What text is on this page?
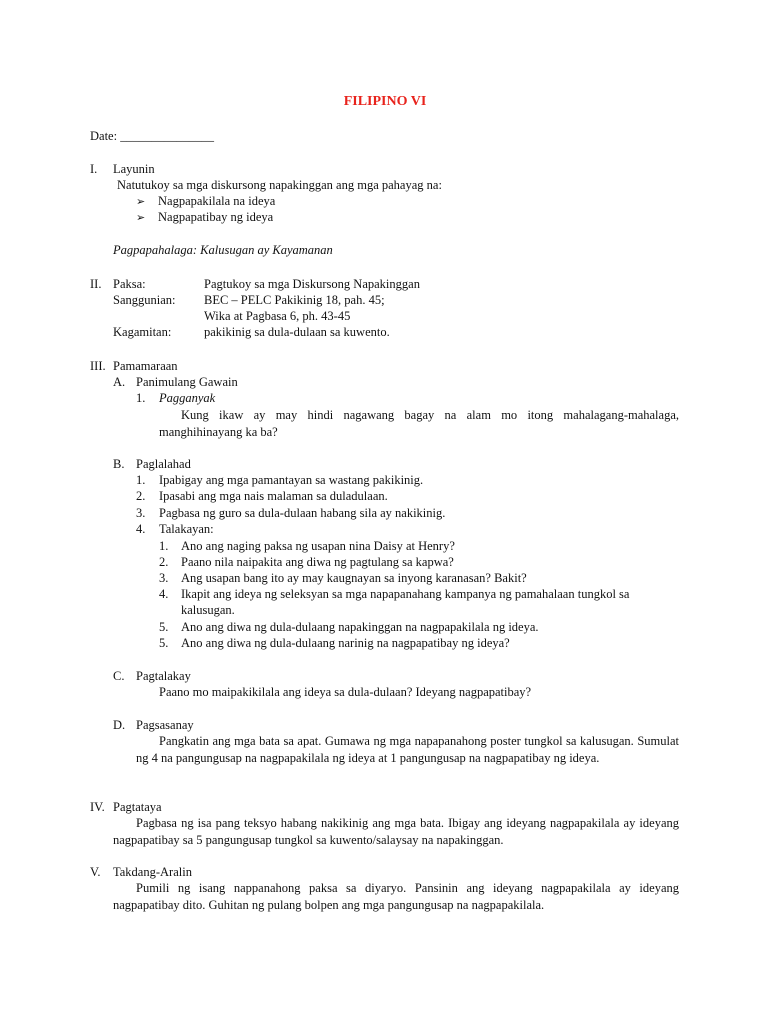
FILIPINO VI
Date: _______________
I. Layunin
Natutukoy sa mga diskursong napakinggan ang mga pahayag na:
➢ Nagpapakilala na ideya
➢ Nagpapatibay ng ideya
Pagpapahalaga: Kalusugan ay Kayamanan
II. Paksa:	Pagtukoy sa mga Diskursong Napakinggan
Sanggunian: BEC – PELC Pakikinig 18, pah. 45;
Wika at Pagbasa 6, ph. 43-45
Kagamitan:	pakikinig sa dula-dulaan sa kuwento.
III. Pamamaraan
A. Panimulang Gawain
1. Pagganyak
Kung ikaw ay may hindi nagawang bagay na alam mo itong mahalagang-mahalaga, manghihinayang ka ba?
B. Paglalahad
1. Ipabigay ang mga pamantayan sa wastang pakikinig.
2. Ipasabi ang mga nais malaman sa duladulaan.
3. Pagbasa ng guro sa dula-dulaan habang sila ay nakikinig.
4. Talakayan:
1. Ano ang naging paksa ng usapan nina Daisy at Henry?
2. Paano nila naipakita ang diwa ng pagtulang sa kapwa?
3. Ang usapan bang ito ay may kaugnayan sa inyong karanasan? Bakit?
4. Ikapit ang ideya ng seleksyan sa mga napapanahang kampanya ng pamahalaan tungkol sa
kalusugan.
5. Ano ang diwa ng dula-dulaang napakinggan na nagpapakilala ng ideya.
5. Ano ang diwa ng dula-dulaang narinig na nagpapatibay ng ideya?
C. Pagtalakay
Paano mo maipakikilala ang ideya sa dula-dulaan? Ideyang nagpapatibay?
D. Pagsasanay
Pangkatin ang mga bata sa apat. Gumawa ng mga napapanahong poster tungkol sa kalusugan. Sumulat ng 4 na pangungusap na nagpapakilala ng ideya at 1 pangungusap na nagpapatibay ng ideya.
IV. Pagtataya
Pagbasa ng isa pang teksyo habang nakikinig ang mga bata. Ibigay ang ideyang nagpapakilala ay ideyang nagpapatibay sa 5 pangungusap tungkol sa kuwento/salaysay na napakinggan.
V. Takdang-Aralin
Pumili ng isang nappanahong paksa sa diyaryo. Pansinin ang ideyang nagpapakilala ay ideyang nagpapatibay dito. Guhitan ng pulang bolpen ang mga pangungusap na nagpapakilala.
